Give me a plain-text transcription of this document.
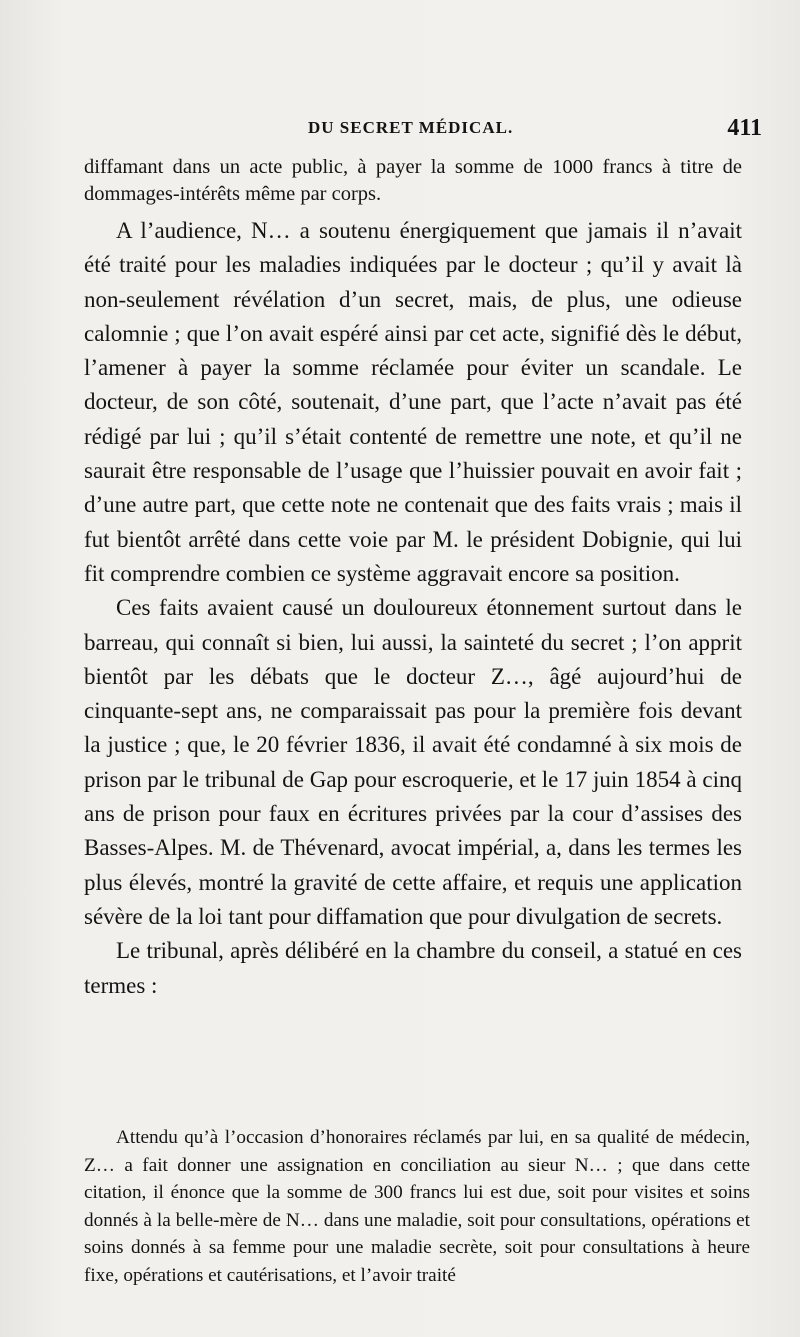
DU SECRET MÉDICAL.	411

diffamant dans un acte public, à payer la somme de 1000 francs à titre de dommages-intérêts même par corps.

A l’audience, N… a soutenu énergiquement que jamais il n’avait été traité pour les maladies indiquées par le docteur ; qu’il y avait là non-seulement révélation d’un secret, mais, de plus, une odieuse calomnie ; que l’on avait espéré ainsi par cet acte, signifié dès le début, l’amener à payer la somme réclamée pour éviter un scandale. Le docteur, de son côté, soutenait, d’une part, que l’acte n’avait pas été rédigé par lui ; qu’il s’était contenté de remettre une note, et qu’il ne saurait être responsable de l’usage que l’huissier pouvait en avoir fait ; d’une autre part, que cette note ne contenait que des faits vrais ; mais il fut bientôt arrêté dans cette voie par M. le président Dobignie, qui lui fit comprendre combien ce système aggravait encore sa position.

Ces faits avaient causé un douloureux étonnement surtout dans le barreau, qui connaît si bien, lui aussi, la sainteté du secret ; l’on apprit bientôt par les débats que le docteur Z…, âgé aujourd’hui de cinquante-sept ans, ne comparaissait pas pour la première fois devant la justice ; que, le 20 février 1836, il avait été condamné à six mois de prison par le tribunal de Gap pour escroquerie, et le 17 juin 1854 à cinq ans de prison pour faux en écritures privées par la cour d’assises des Basses-Alpes. M. de Thévenard, avocat impérial, a, dans les termes les plus élevés, montré la gravité de cette affaire, et requis une application sévère de la loi tant pour diffamation que pour divulgation de secrets.

Le tribunal, après délibéré en la chambre du conseil, a statué en ces termes :

Attendu qu’à l’occasion d’honoraires réclamés par lui, en sa qualité de médecin, Z… a fait donner une assignation en conciliation au sieur N… ; que dans cette citation, il énonce que la somme de 300 francs lui est due, soit pour visites et soins donnés à la belle-mère de N… dans une maladie, soit pour consultations, opérations et soins donnés à sa femme pour une maladie secrète, soit pour consultations à heure fixe, opérations et cautérisations, et l’avoir traité
